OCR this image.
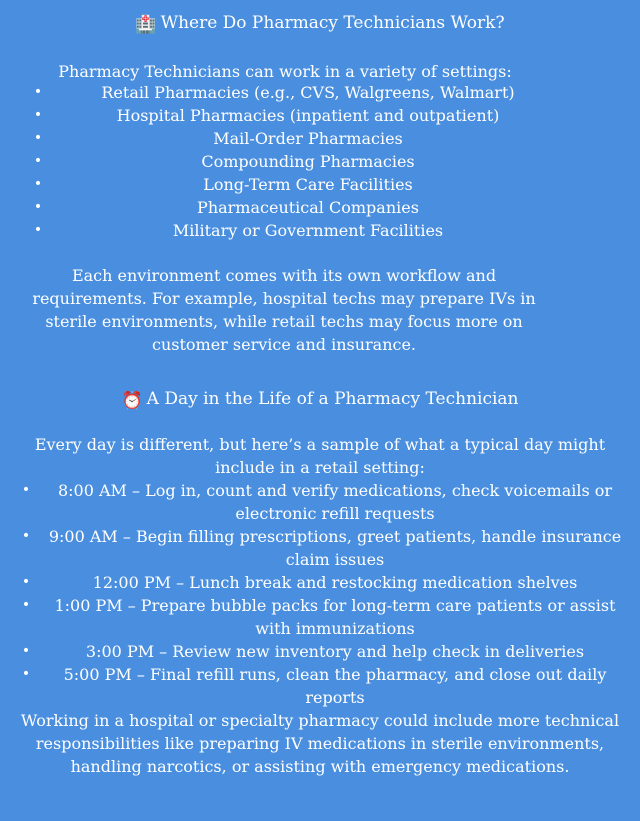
🏥 Where Do Pharmacy Technicians Work?
Pharmacy Technicians can work in a variety of settings:
•	Retail Pharmacies (e.g., CVS, Walgreens, Walmart)
•	Hospital Pharmacies (inpatient and outpatient)
•	Mail-Order Pharmacies
•	Compounding Pharmacies
•	Long-Term Care Facilities
•	Pharmaceutical Companies
•	Military or Government Facilities
Each environment comes with its own workflow and requirements. For example, hospital techs may prepare IVs in sterile environments, while retail techs may focus more on customer service and insurance.
⏰ A Day in the Life of a Pharmacy Technician
Every day is different, but here’s a sample of what a typical day might include in a retail setting:
•	8:00 AM – Log in, count and verify medications, check voicemails or electronic refill requests
•	9:00 AM – Begin filling prescriptions, greet patients, handle insurance claim issues
•	12:00 PM – Lunch break and restocking medication shelves
•	1:00 PM – Prepare bubble packs for long-term care patients or assist with immunizations
•	3:00 PM – Review new inventory and help check in deliveries
•	5:00 PM – Final refill runs, clean the pharmacy, and close out daily reports
Working in a hospital or specialty pharmacy could include more technical responsibilities like preparing IV medications in sterile environments, handling narcotics, or assisting with emergency medications.
